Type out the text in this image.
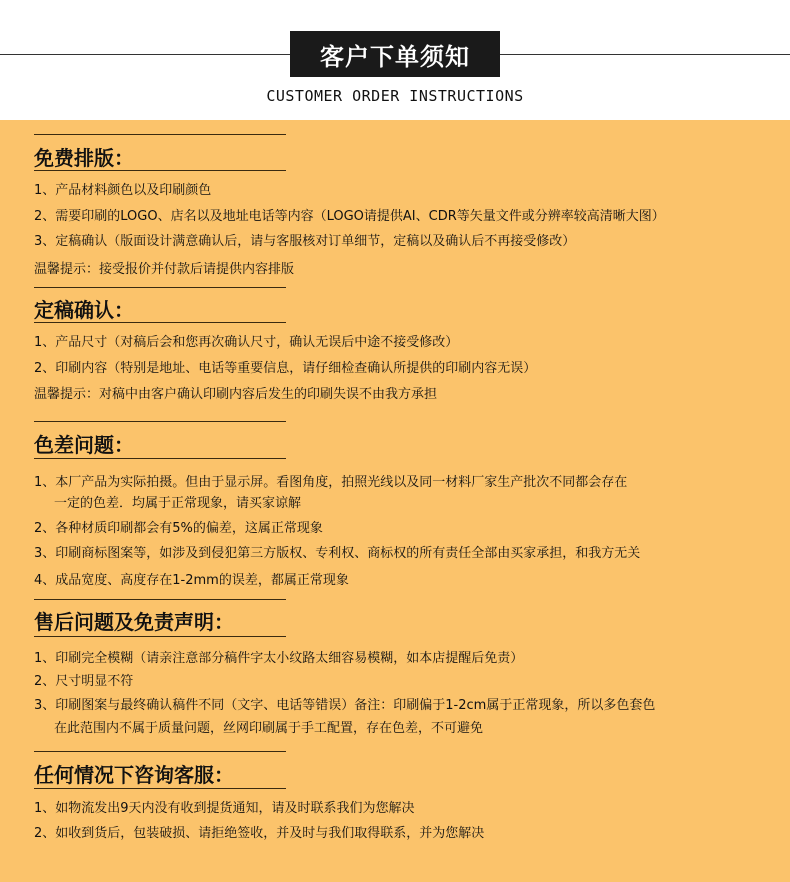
客户下单须知
CUSTOMER ORDER INSTRUCTIONS
免费排版：
1、产品材料颜色以及印刷颜色
2、需要印刷的LOGO、店名以及地址电话等内容（LOGO请提供AI、CDR等矢量文件或分辨率较高清晰大图）
3、定稿确认（版面设计满意确认后，请与客服核对订单细节，定稿以及确认后不再接受修改）
温馨提示：接受报价并付款后请提供内容排版
定稿确认：
1、产品尺寸（对稿后会和您再次确认尺寸，确认无误后中途不接受修改）
2、印刷内容（特别是地址、电话等重要信息，请仔细检查确认所提供的印刷内容无误）
温馨提示：对稿中由客户确认印刷内容后发生的印刷失误不由我方承担
色差问题：
1、本厂产品为实际拍摄。但由于显示屏。看图角度，拍照光线以及同一材料厂家生产批次不同都会存在
一定的色差．均属于正常现象，请买家谅解
2、各种材质印刷都会有5%的偏差，这属正常现象
3、印刷商标图案等，如涉及到侵犯第三方版权、专利权、商标权的所有责任全部由买家承担，和我方无关
4、成品宽度、高度存在1-2mm的误差，都属正常现象
售后问题及免责声明：
1、印刷完全模糊（请亲注意部分稿件字太小纹路太细容易模糊，如本店提醒后免责）
2、尺寸明显不符
3、印刷图案与最终确认稿件不同（文字、电话等错误）备注：印刷偏于1-2cm属于正常现象，所以多色套色
在此范围内不属于质量问题，丝网印刷属于手工配置，存在色差，不可避免
任何情况下咨询客服：
1、如物流发出9天内没有收到提货通知，请及时联系我们为您解决
2、如收到货后，包装破损、请拒绝签收，并及时与我们取得联系，并为您解决
